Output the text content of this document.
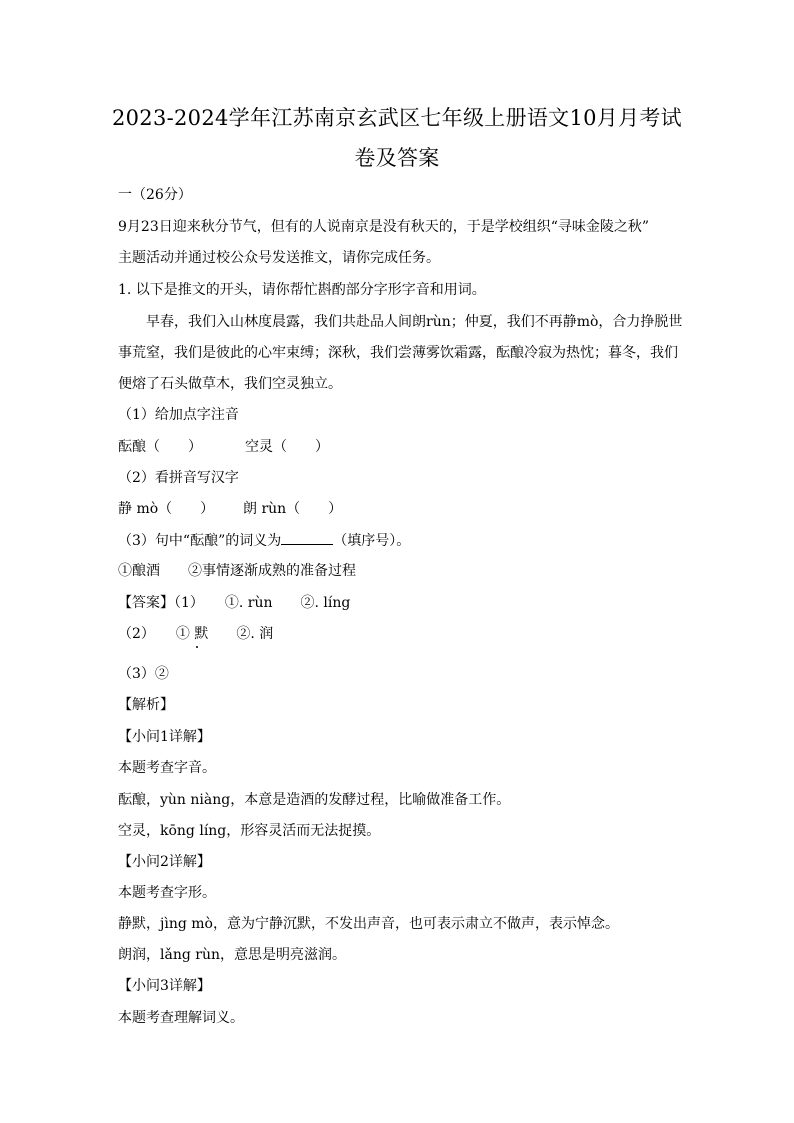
2023-2024学年江苏南京玄武区七年级上册语文10月月考试
卷及答案
一（26分）
9月23日迎来秋分节气，但有的人说南京是没有秋天的，于是学校组织“寻味金陵之秋”
主题活动并通过校公众号发送推文，请你完成任务。
1. 以下是推文的开头，请你帮忙斟酌部分字形字音和用词。
早春，我们入山林度晨露，我们共赴品人间朗rùn；仲夏，我们不再静mò，合力挣脱世
事荒窒，我们是彼此的心牢束缚；深秋，我们尝薄雾饮霜露，酝酿冷寂为热忱；暮冬，我们
便熔了石头做草木，我们空灵独立。
（1）给加点字注音
酝酿（　　）	空灵（　　）
（2）看拼音写汉字
静 mò（　　） 朗 rùn（　　）
（3）句中“酝酿”的词义为	（填序号）。
①酿酒　　②事情逐渐成熟的准备过程
【答案】（1）　　①. rùn　　②. líng
（2）　　① 默　　②. 润
（3）②
【解析】
【小问1详解】
本题考查字音。
酝酿，yùn niàng，本意是造酒的发酵过程，比喻做准备工作。
空灵，kōng líng，形容灵活而无法捉摸。
【小问2详解】
本题考查字形。
静默，jìng mò，意为宁静沉默，不发出声音，也可表示肃立不做声，表示悼念。
朗润，lǎng rùn，意思是明亮滋润。
【小问3详解】
本题考查理解词义。
